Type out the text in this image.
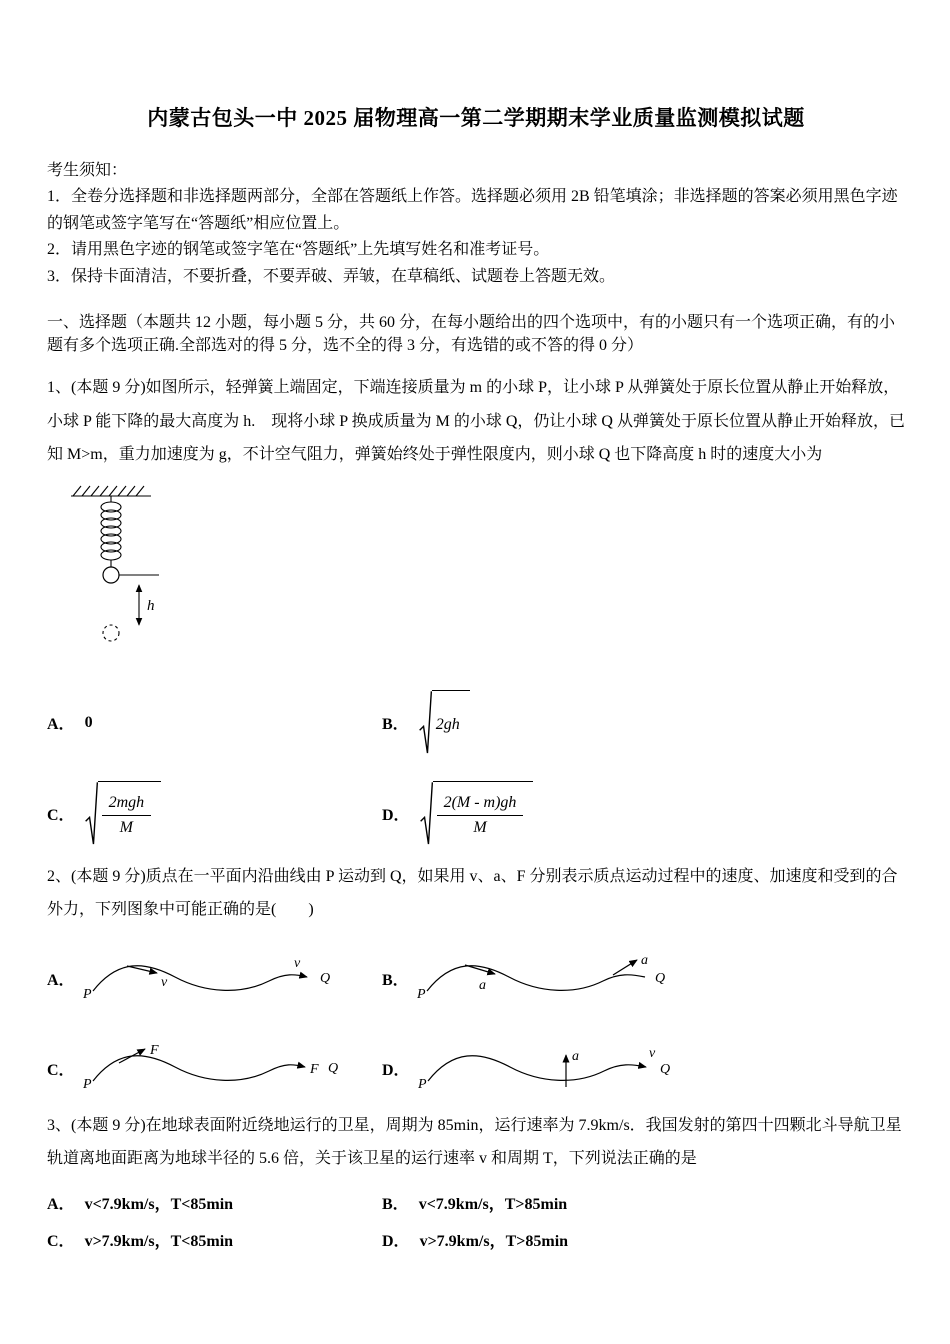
内蒙古包头一中 2025 届物理高一第二学期期末学业质量监测模拟试题

考生须知：

1．全卷分选择题和非选择题两部分，全部在答题纸上作答。选择题必须用 2B 铅笔填涂；非选择题的答案必须用黑色字迹的钢笔或签字笔写在“答题纸”相应位置上。

2．请用黑色字迹的钢笔或签字笔在“答题纸”上先填写姓名和准考证号。

3．保持卡面清洁，不要折叠，不要弄破、弄皱，在草稿纸、试题卷上答题无效。

一、选择题（本题共 12 小题，每小题 5 分，共 60 分，在每小题给出的四个选项中，有的小题只有一个选项正确，有的小题有多个选项正确.全部选对的得 5 分，选不全的得 3 分，有选错的或不答的得 0 分）

1、(本题 9 分)如图所示，轻弹簧上端固定，下端连接质量为 m 的小球 P，让小球 P 从弹簧处于原长位置从静止开始释放，小球 P 能下降的最大高度为 h.　现将小球 P 换成质量为 M 的小球 Q，仍让小球 Q 从弹簧处于原长位置从静止开始释放，已知 M>m，重力加速度为 g，不计空气阻力，弹簧始终处于弹性限度内，则小球 Q 也下降高度 h 时的速度大小为

h
A． 0	B． 2gh
C． $\frac{\text{2mgh}}{M}$	D． $\frac{2(M - m)gh}{M}$

2、(本题 9 分)质点在一平面内沿曲线由 P 运动到 Q，如果用 v、a、F 分别表示质点运动过程中的速度、加速度和受到的合外力，下列图象中可能正确的是(　　)

A．	v
v
P
Q	B．	a
a
P
Q
C．
F
F
P
Q	D．
a	v
P
Q

3、(本题 9 分)在地球表面附近绕地运行的卫星，周期为 85min，运行速率为 7.9km/s．我国发射的第四十四颗北斗导航卫星轨道离地面距离为地球半径的 5.6 倍，关于该卫星的运行速率 v 和周期 T，下列说法正确的是

A． v<7.9km/s，T<85min	B． v<7.9km/s，T>85min
C． v>7.9km/s，T<85min	D． v>7.9km/s，T>85min
